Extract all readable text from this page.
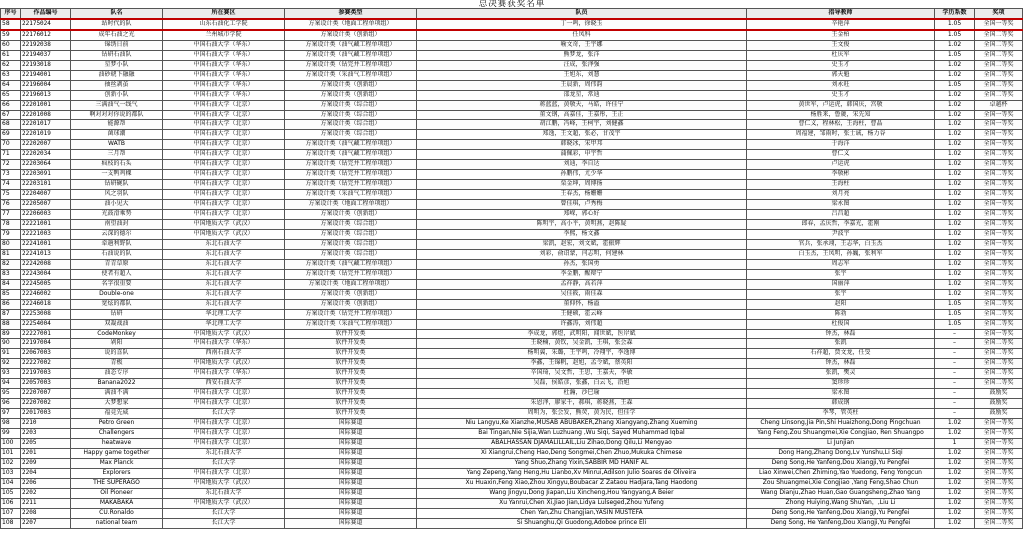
总决赛获奖名单
序号	作品编号	队名	所在赛区	参赛类型	队员	指导教师	学历系数	奖项
58	22175024	站时代的队	山东石油化工学院	方案设计类（地面工程单项组）	丁一鸣，徐晓玉	辛艳萍	1.05	全国一等奖
59	22176012	成年石油之光	兰州城市学院	方案设计类（创新组）	任凤科	王金柏	1.05	全国二等奖
60	22192038	锦绣日前	中国石油大学（华东）	方案设计类（油气藏工程单项组）	喻文奇，王宇娜	王文俊	1.02	全国二等奖
61	22194037	钻研石油队	中国石油大学（华东）	方案设计类（油气藏工程单项组）	熊梦龙，张洋	杜庆军	1.05	全国二等奖
62	22193018	星梦小队	中国石油大学（华东）	方案设计类（钻完井工程单项组）	汪成，张泽强	史玉才	1.02	全国二等奖
63	22194001	油砂琥下融融	中国石油大学（华东）	方案设计类（采油气工程单项组）	王旭东，刘慧	郭天魁	1.02	全国二等奖
64	22196004	抽丝剥茧	中国石油大学（华东）	方案设计类（创新组）	王晨新，周伟韵	刘永旺	1.05	全国二等奖
65	22196013	创新小队	中国石油大学（华东）	方案设计类（创新组）	邵龙星，常迪	史玉才	1.02	全国二等奖
66	22201001	三满油气一线气	中国石油大学（北京）	方案设计类（综合组）	蒋蓝蓝，黄敬天，马皓，许佳宁	黄世军，卢运虎，韩国庆，宫敬	1.02	卓越杯
67	22201008	啊对对对你说的都队	中国石油大学（北京）	方案设计类（综合组）	董文钢，高嘉佳，王嘉彤，王正	杨胜来，鲁篪，宋先知	1.02	全国一等奖
68	22201017	能源帮	中国石油大学（北京）	方案设计类（综合组）	胡江鹏，冯峰，王柯宇，刘健鑫	曹仁义，程林松，王海柱，曹晶	1.02	全国一等奖
69	22201019	菌球潮	中国石油大学（北京）	方案设计类（综合组）	郑逸，王文超，张必，甘茂宇	周福建，邹雨时，张士诚，杨力谷	1.02	全国一等奖
70	22202007	WATB	中国石油大学（北京）	方案设计类（油气藏工程单项组）	韩晓冰，宋甲邦	于海洋	1.02	全国一等奖
71	22202034	三月帮	中国石油大学（北京）	方案设计类（油气藏工程单项组）	蒲佩彩，申宇哲	曹仁义	1.02	全国二等奖
72	22203064	疯枝的石头	中国石油大学（北京）	方案设计类（钻完井工程单项组）	刘迪，李自达	卢运虎	1.02	全国二等奖
73	22203091	一支鸭鸡稞	中国石油大学（北京）	方案设计类（钻完井工程单项组）	孙鹏伟，尤少华	李敬彬	1.02	全国二等奖
74	22203101	钻研碗队	中国石油大学（北京）	方案设计类（钻完井工程单项组）	栗金坤，周博扬	王海柱	1.02	全国二等奖
75	22204007	风之羽队	中国石油大学（北京）	方案设计类（采油气工程单项组）	王春杰，杨姗姗	刘月亮	1.02	全国二等奖
76	22205007	油小见大	中国石油大学（北京）	方案设计类（地面工程单项组）	曾佳琪，卢秀梅	梁永图	1.02	全国一等奖
77	22206003	光鼓滑乘势	中国石油大学（北京）	方案设计类（创新组）	郑嵘，郭心好	吕昌超	1.02	全国二等奖
78	22221001	南望油封	中国地质大学（武汉）	方案设计类（综合组）	陈明宇，高小平，黄明燕，赵陈疑	郎春，孟庆哲，李嘉光，霍刚	1.02	全国二等奖
79	22221003	云深的德尔	中国地质大学（武汉）	方案设计类（综合组）	李熙，杨文鑫	尹波宇	1.02	全国一等奖
80	22241001	牵趟利野队	东北石油大学	方案设计类（综合组）	梁凯，赵宏，刘文斌，霍振辉	官兵，张承翊，王志华，白玉杰	1.02	全国一等奖
81	22241013	石油说的队	东北石油大学	方案设计类（综合组）	刘彩，俞诏蒙，闫志明，何建林	白玉杰，王凤明，孙巍，张利军	1.02	全国一等奖
82	22242008	青青草原	东北石油大学	方案设计类（油气藏工程单项组）	孙杰，张国勇	周志军	1.02	全国二等奖
83	22243004	使者有超人	东北石油大学	方案设计类（钻完井工程单项组）	李金鹏，醒辩宁	张宇	1.02	全国二等奖
84	22245005	名字很重要	东北石油大学	方案设计类（地面工程单项组）	孟祥静，高若萍	国丽萍	1.02	全国二等奖
85	22246002	Double-one	东北石油大学	方案设计类（创新组）	吴佳筱，雨佳森	张宇	1.02	全国二等奖
86	22246018	宽炫的都队	东北石油大学	方案设计类（创新组）	董仰怀，杨溢	赵阳	1.05	全国二等奖
87	22253008	钻研	华北理工大学	方案设计类（钻完井工程单项组）	王健硕，霍云峰	陈勃	1.05	全国二等奖
88	22254004	双凝战油	华北理工大学	方案设计类（采油气工程单项组）	许鑫涛，刘伟超	杜俊国	1.05	全国二等奖
89	22227001	CodeMonkey	中国地质大学（武汉）	软件开发类	李成龙，郭煜，武明阳，闻世斌，医岸斌	钟杰，林磊	–	全国一等奖
90	22197004	剁阳	中国石油大学（华东）	软件开发类	王晓楠，黄钦，吴金凯，王琪，张会森	张凯	–	全国二等奖
91	22067003	说的喜队	西南石油大学	软件开发类	杨明翼，朱璐，王宇鸣，冷翔宇，李逸博	石祥超，贾文龙，任旻	–	全国二等奖
92	22227002	青极	中国地质大学（武汉）	软件开发类	李鑫，王锦帆，赵旭，孟令斌，蔡英阳	钟杰，林磊	–	全国二等奖
93	22197003	油态专序	中国石油大学（华东）	软件开发类	辛国琦，吴文哲，王思，王嘉天，李敏	张凯，樊灵	–	全国二等奖
94	22057003	Banana2022	西安石油大学	软件开发类	吴磊，侯皓彦，张鑫，白云飞，沿旭	窦珍珍	–	全国二等奖
95	22207007	满油不满	中国石油大学（北京）	软件开发类	杜瀚，沙巳瑜	梁永图	–	鼓励奖
96	22207002	大梦想家	中国石油大学（北京）	软件开发类	朱恩泽，廖家千，郝琪，蒋晓燕，王森	韩成钢	–	鼓励奖
97	22017003	福竞先威	长江大学	软件开发类	周明为，张会发，熊荧，黄为民，但佳学	李琴，管英柱	–	鼓励奖
98	2210	Petro Green	中国石油大学（北京）	国际赛道	Niu Langyu,Ke Xianzhe,MUSAB ABUBAKER,Zhang Xiangyang,Zhang Xueming	Cheng Linsong,Jia Pin,Shi Huaizhong,Dong Pingchuan	1.02	全国一等奖
99	2203	Challengers	中国石油大学（北京）	国际赛道	Bai Tingan,Nie Sijia,Wan Luzhuang ,Wu Siqi, Sayed Muhammad Iqbal	Yang Feng,Zou Shuangmei,Xie Congjiao, Ren Shuangpo	1.02	全国一等奖
100	2205	heatwave	中国石油大学（北京）	国际赛道	ABALHASSAN DJAMALILLAIL,Liu Zihao,Dong Qilu,Li Mengyao	Li Junjian	1	全国一等奖
101	2201	Happy game together	东北石油大学	国际赛道	Xi Xiangrui,Cheng Hao,Deng Songmei,Chen Zhuo,Mukuka Chimese	Dong Hang,Zhang Dong,Lv Yunshu,Li Siqi	1.02	全国二等奖
102	2209	Max Planck	长江大学	国际赛道	Yang Shuo,Zhang Yixin,SABBIR MD HANIF AL	Deng Song,He Yanfeng,Dou Xiangji,Yu Pengfei	1.02	全国二等奖
103	2204	Explorers	中国石油大学（北京）	国际赛道	Yang Zepeng,Yang Heng,Hu Lianbo,Xv Minrui,Adilson Julio Soares de Oliveira	Liao Xinwei,Chen Zhiming,Yao Yuedong, Feng Yongcun	1.02	全国二等奖
104	2206	THE SUPERAGO	中国地质大学（武汉）	国际赛道	Xu Huaxin,Feng Xiao,Zhou Xingyu,Boubacar Z Zataou Hadjara,Tang Haodong	Zou Shuangmei,Xie Congjiao ,Yang Feng,Shao Chun	1.02	全国二等奖
105	2202	Oil Pioneer	东北石油大学	国际赛道	Wang Jingyu,Dong Jiapan,Liu Xincheng,Hou Yangyang,A Beier	Wang Dianju,Zhao Huan,Gao Guangsheng,Zhao Yang	1.02	全国二等奖
106	2211	MAKABAKA	中国地质大学（武汉）	国际赛道	Xu Yanrui,Chen Xi,Jiao Jian,Lidya Lulseged,Zhou Yufeng	Zhong Huiying,Wang ShuYan，,Liu Li	1.02	全国二等奖
107	2208	CU.Ronaldo	长江大学	国际赛道	Chen Yan,Zhu Changjian,YASIN MUSTEFA	Deng Song,He Yanfeng,Dou Xiangji,Yu Pengfei	1.02	全国二等奖
108	2207	national team	长江大学	国际赛道	Si Shuanghu,Qi Guodong,Adoboe prince Eli	Deng Song, He Yanfeng,Dou Xiangji,Yu Pengfei	1.02	全国二等奖
